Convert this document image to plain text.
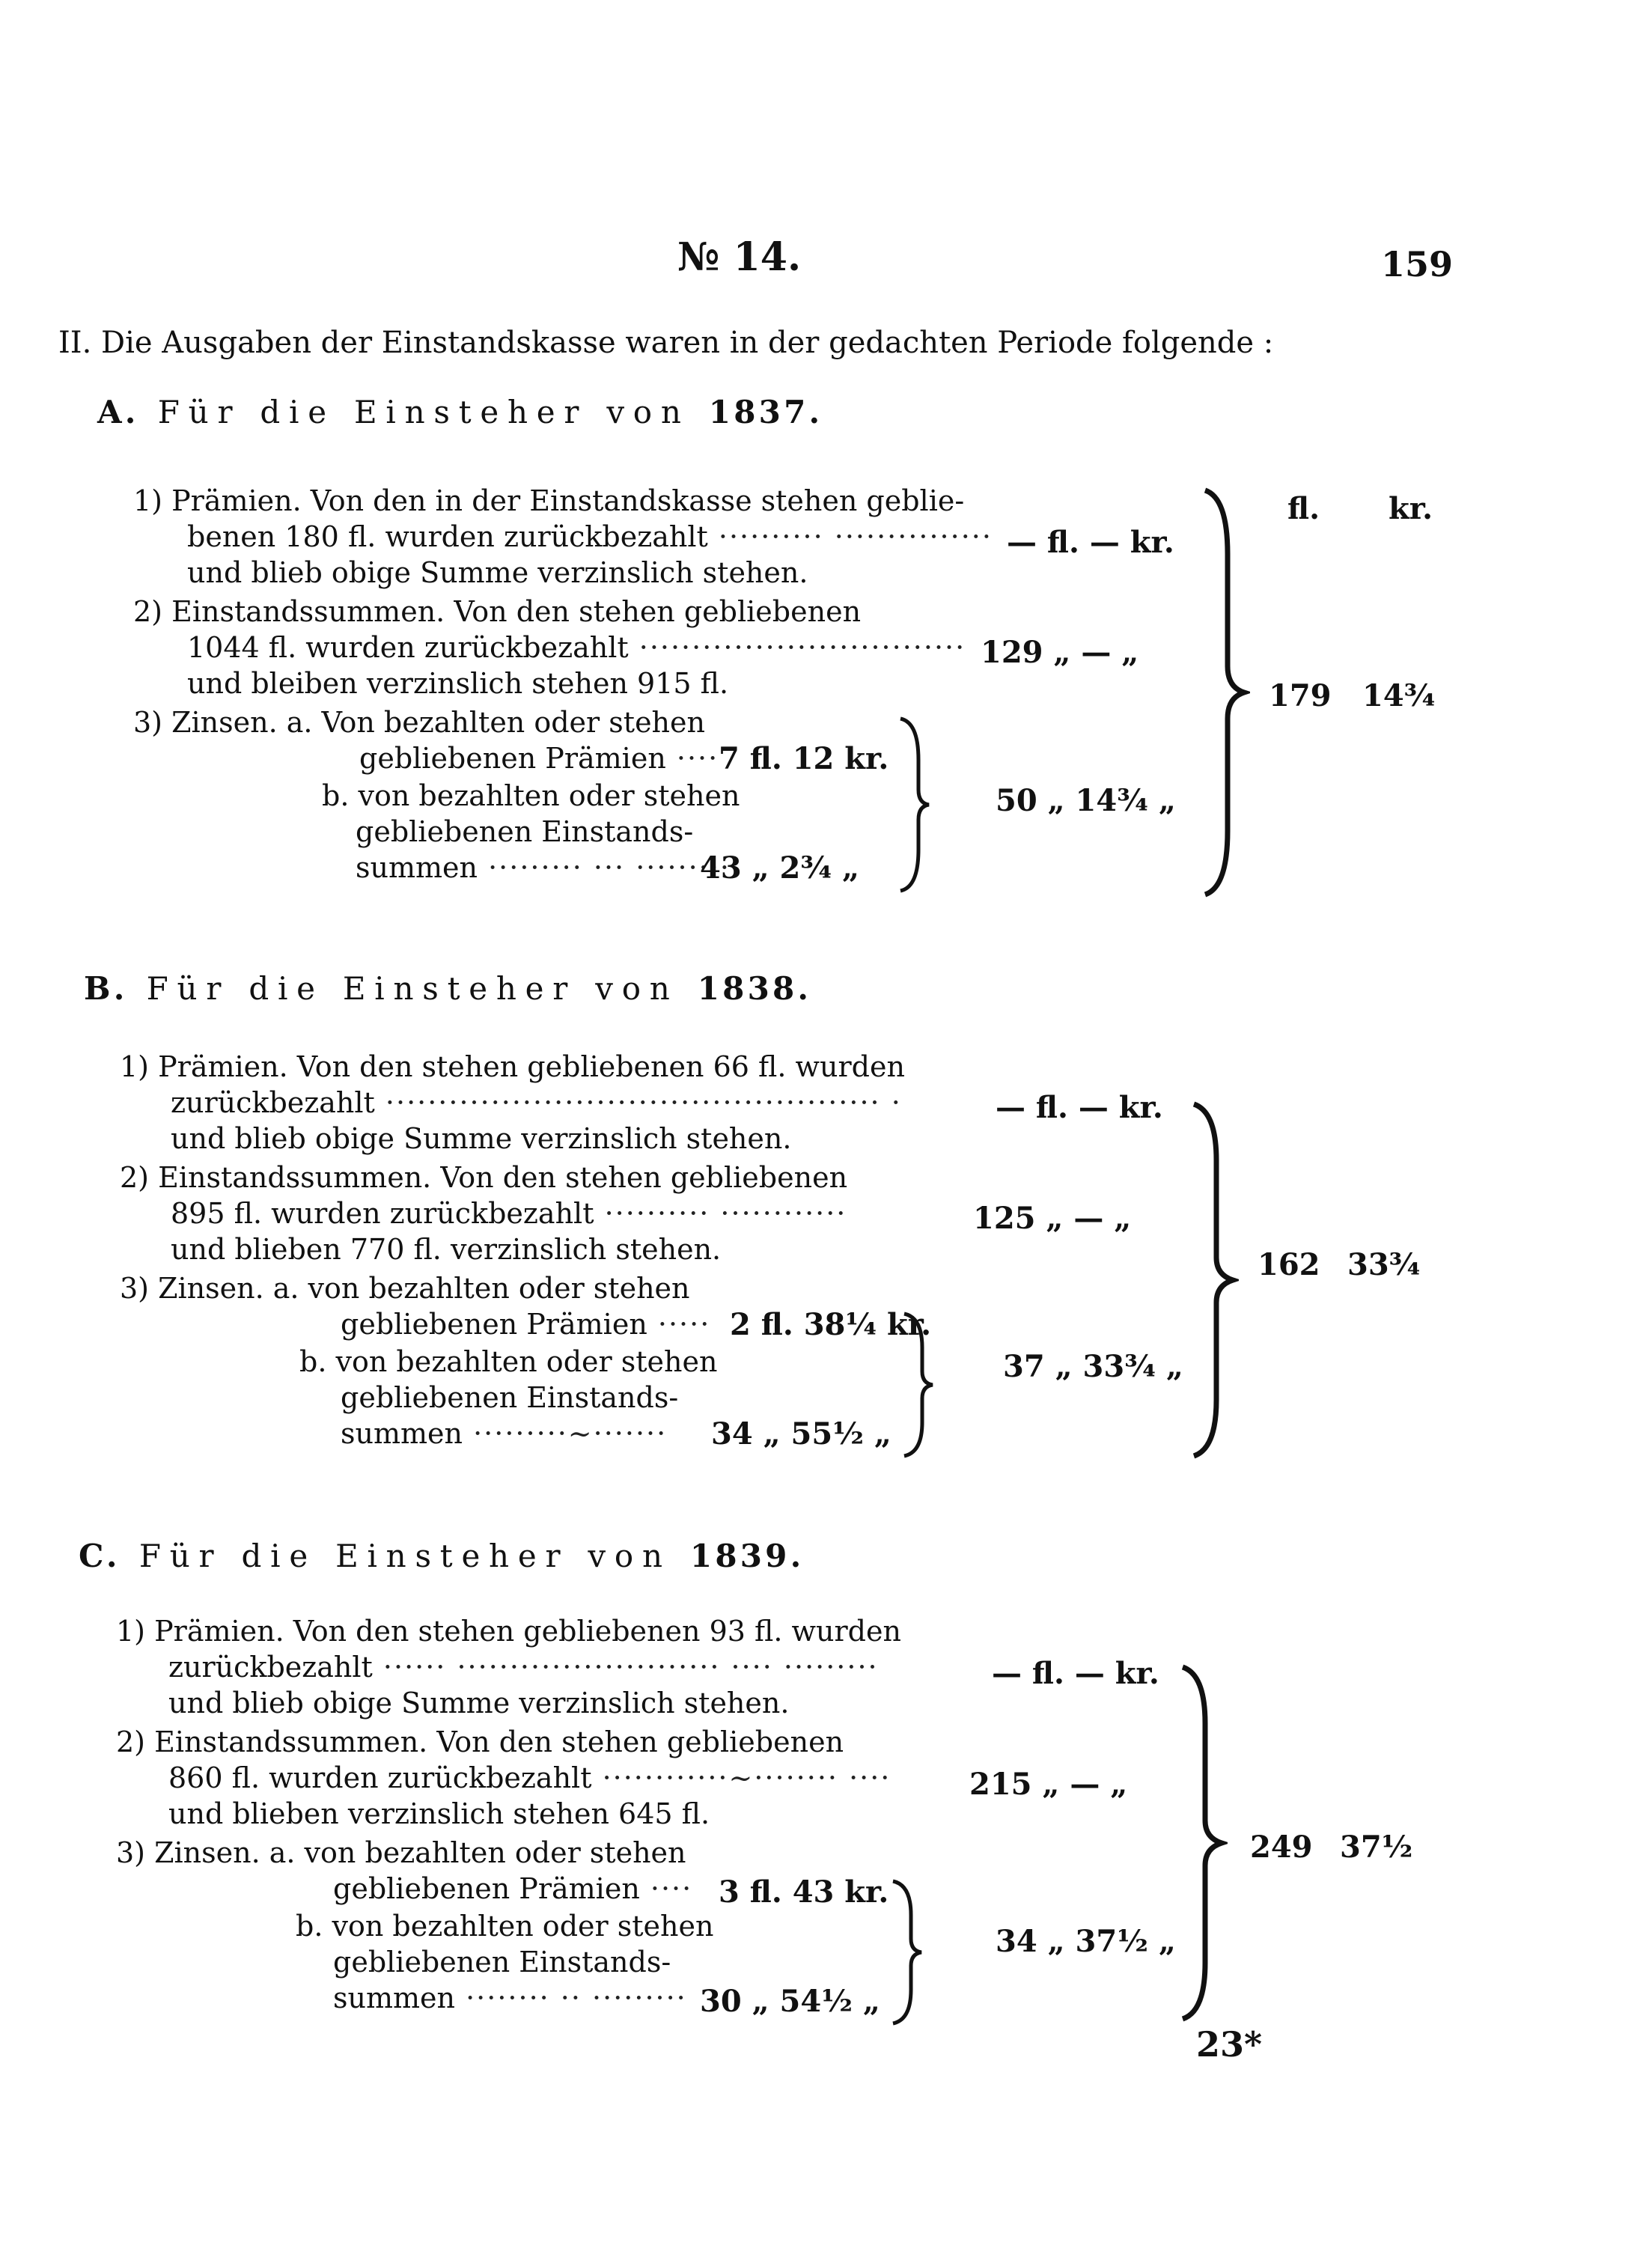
№ 14.	159
II. Die Ausgaben der Einstandskasse waren in der gedachten Periode folgende :
A. Für die Einsteher von 1837.
fl. kr.
1) Prämien. Von den in der Einstandskasse stehen geblie-
benen 180 fl. wurden zurückbezahlt ·········· ···············
und blieb obige Summe verzinslich stehen.
2) Einstandssummen. Von den stehen gebliebenen
1044 fl. wurden zurückbezahlt ·······························
und bleiben verzinslich stehen 915 fl.
3) Zinsen. a. Von bezahlten oder stehen
gebliebenen Prämien ····
b. von bezahlten oder stehen
gebliebenen Einstands-
summen ········· ··· ·········
7 fl. 12 kr.
43 „ 2¾ „
— fl. — kr.
129 „ — „
50 „ 14¾ „
179 14¾
B. Für die Einsteher von 1838.
1) Prämien. Von den stehen gebliebenen 66 fl. wurden
zurückbezahlt ··············································· ·
und blieb obige Summe verzinslich stehen.
2) Einstandssummen. Von den stehen gebliebenen
895 fl. wurden zurückbezahlt ·········· ············
und blieben 770 fl. verzinslich stehen.
3) Zinsen. a. von bezahlten oder stehen
gebliebenen Prämien ·····
b. von bezahlten oder stehen
gebliebenen Einstands-
summen ·········~·······
2 fl. 38¼ kr.
34 „ 55½ „
— fl. — kr.
125 „ — „
37 „ 33¾ „
162 33¾
C. Für die Einsteher von 1839.
1) Prämien. Von den stehen gebliebenen 93 fl. wurden
zurückbezahlt ······ ························· ···· ·········
und blieb obige Summe verzinslich stehen.
2) Einstandssummen. Von den stehen gebliebenen
860 fl. wurden zurückbezahlt ············~········ ····
und blieben verzinslich stehen 645 fl.
3) Zinsen. a. von bezahlten oder stehen
gebliebenen Prämien ····
b. von bezahlten oder stehen
gebliebenen Einstands-
summen ········ ·· ·········
3 fl. 43 kr.
30 „ 54½ „
— fl. — kr.
215 „ — „
34 „ 37½ „
249 37½
23*
